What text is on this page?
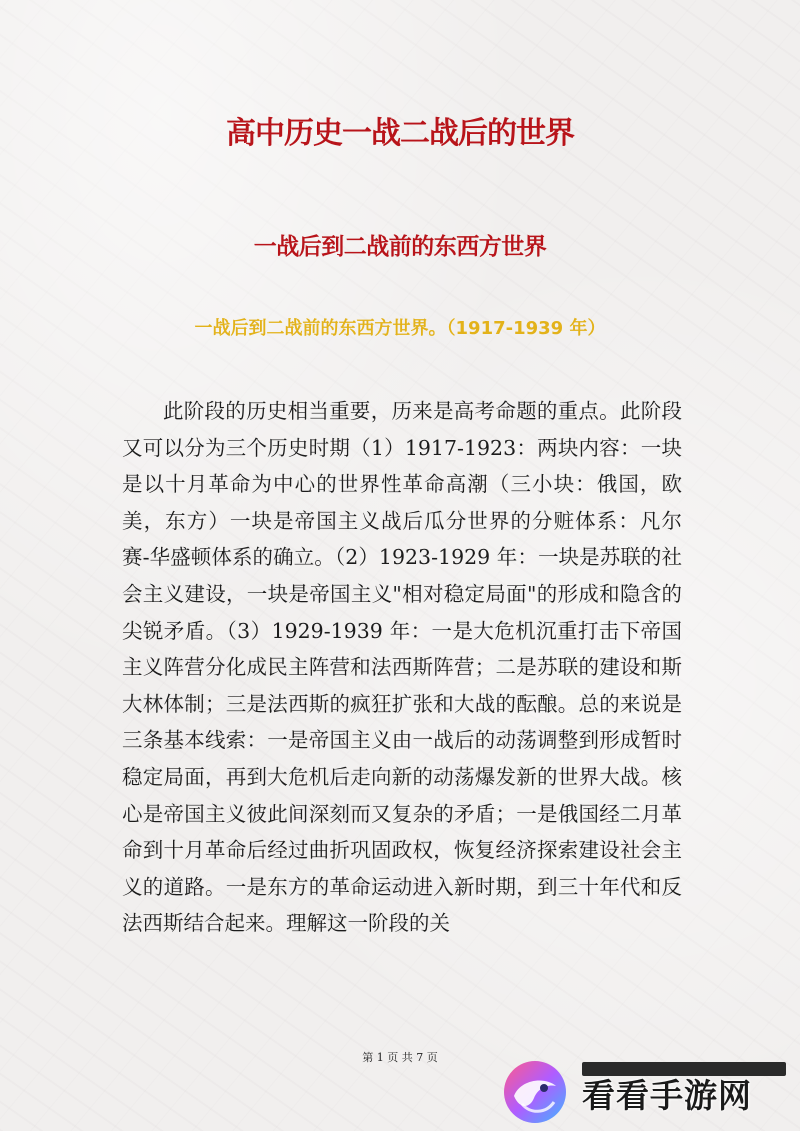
高中历史一战二战后的世界
一战后到二战前的东西方世界
一战后到二战前的东西方世界。（1917-1939 年）

此阶段的历史相当重要，历来是高考命题的重点。此阶段又可以分为三个历史时期（1）1917-1923：两块内容：一块是以十月革命为中心的世界性革命高潮（三小块：俄国，欧美，东方）一块是帝国主义战后瓜分世界的分赃体系：凡尔赛-华盛顿体系的确立。（2）1923-1929 年：一块是苏联的社会主义建设，一块是帝国主义"相对稳定局面"的形成和隐含的尖锐矛盾。（3）1929-1939 年：一是大危机沉重打击下帝国主义阵营分化成民主阵营和法西斯阵营；二是苏联的建设和斯大林体制；三是法西斯的疯狂扩张和大战的酝酿。总的来说是三条基本线索：一是帝国主义由一战后的动荡调整到形成暂时稳定局面，再到大危机后走向新的动荡爆发新的世界大战。核心是帝国主义彼此间深刻而又复杂的矛盾；一是俄国经二月革命到十月革命后经过曲折巩固政权，恢复经济探索建设社会主义的道路。一是东方的革命运动进入新时期，到三十年代和反法西斯结合起来。理解这一阶段的关

第 1 页 共 7 页
看看手游网
